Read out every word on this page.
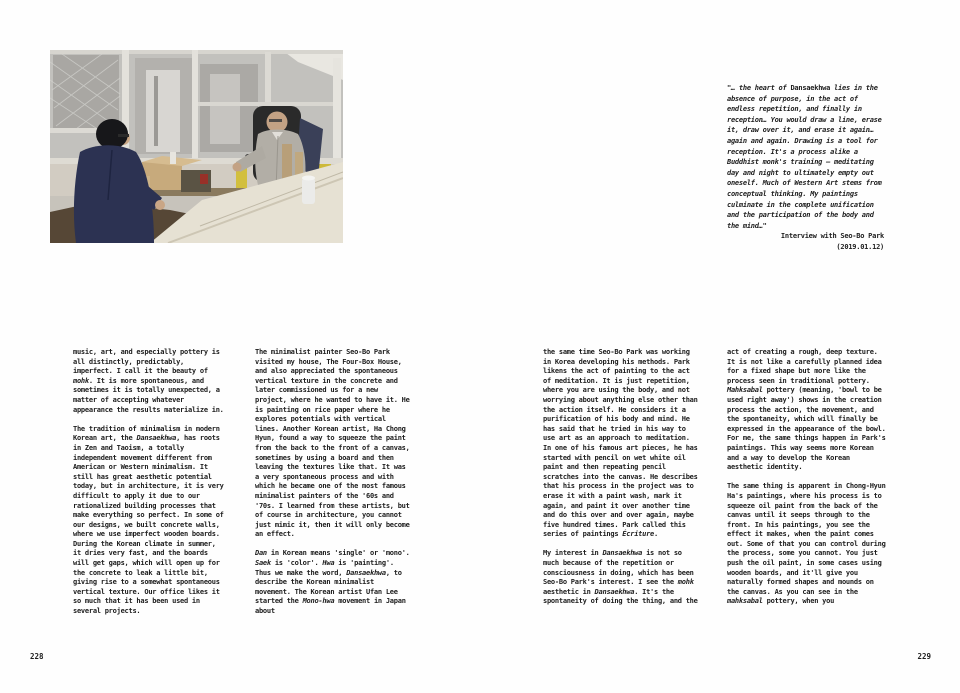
"… the heart of Dansaekhwa lies in the absence of purpose, in the act of endless repetition, and finally in reception… You would draw a line, erase it, draw over it, and erase it again… again and again. Drawing is a tool for reception. It's a process alike a Buddhist monk's training – meditating day and night to ultimately empty out oneself. Much of Western Art stems from conceptual thinking. My paintings culminate in the complete unification and the participation of the body and the mind…"

Interview with Seo-Bo Park
(2019.01.12)

music, art, and especially pottery is all distinctly, predictably, imperfect. I call it the beauty of mohk. It is more spontaneous, and sometimes it is totally unexpected, a matter of accepting whatever appearance the results materialize in.

The tradition of minimalism in modern Korean art, the Dansaekhwa, has roots in Zen and Taoism, a totally independent movement different from American or Western minimalism. It still has great aesthetic potential today, but in architecture, it is very difficult to apply it due to our rationalized building processes that make everything so perfect. In some of our designs, we built concrete walls, where we use imperfect wooden boards. During the Korean climate in summer, it dries very fast, and the boards will get gaps, which will open up for the concrete to leak a little bit, giving rise to a somewhat spontaneous vertical texture. Our office likes it so much that it has been used in several projects.

The minimalist painter Seo-Bo Park visited my house, The Four-Box House, and also appreciated the spontaneous vertical texture in the concrete and later commissioned us for a new project, where he wanted to have it. He is painting on rice paper where he explores potentials with vertical lines. Another Korean artist, Ha Chong Hyun, found a way to squeeze the paint from the back to the front of a canvas, sometimes by using a board and then leaving the textures like that. It was a very spontaneous process and with which he became one of the most famous minimalist painters of the '60s and '70s. I learned from these artists, but of course in architecture, you cannot just mimic it, then it will only become an effect.

Dan in Korean means 'single' or 'mono'. Saek is 'color'. Hwa is 'painting'. Thus we make the word, Dansaekhwa, to describe the Korean minimalist movement. The Korean artist Ufan Lee started the Mono-hwa movement in Japan about

the same time Seo-Bo Park was working in Korea developing his methods. Park likens the act of painting to the act of meditation. It is just repetition, where you are using the body, and not worrying about anything else other than the action itself. He considers it a purification of his body and mind. He has said that he tried in his way to use art as an approach to meditation. In one of his famous art pieces, he has started with pencil on wet white oil paint and then repeating pencil scratches into the canvas. He describes that his process in the project was to erase it with a paint wash, mark it again, and paint it over another time and do this over and over again, maybe five hundred times. Park called this series of paintings Écriture.

My interest in Dansaekhwa is not so much because of the repetition or consciousness in doing, which has been Seo-Bo Park's interest. I see the mohk aesthetic in Dansaekhwa. It's the spontaneity of doing the thing, and the

act of creating a rough, deep texture. It is not like a carefully planned idea for a fixed shape but more like the process seen in traditional pottery. Mahksabal pottery (meaning, 'bowl to be used right away') shows in the creation process the action, the movement, and the spontaneity, which will finally be expressed in the appearance of the bowl. For me, the same things happen in Park's paintings. This way seems more Korean and a way to develop the Korean aesthetic identity.

The same thing is apparent in Chong-Hyun Ha's paintings, where his process is to squeeze oil paint from the back of the canvas until it seeps through to the front. In his paintings, you see the effect it makes, when the paint comes out. Some of that you can control during the process, some you cannot. You just push the oil paint, in some cases using wooden boards, and it'll give you naturally formed shapes and mounds on the canvas. As you can see in the mahksabal pottery, when you

228	229
